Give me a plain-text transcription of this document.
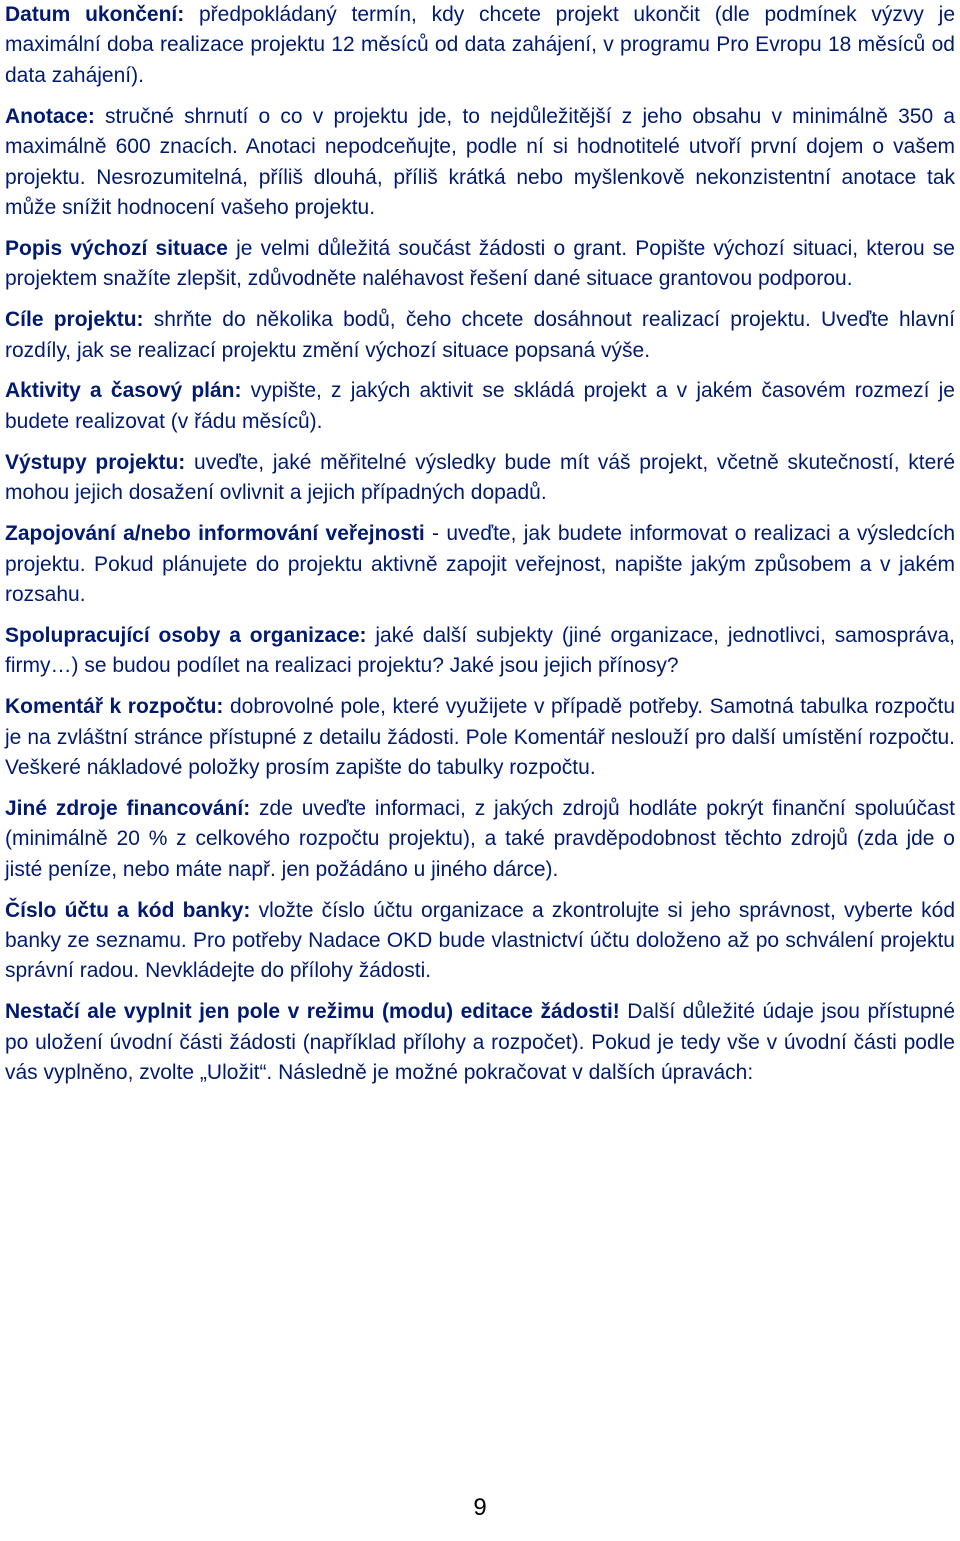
Datum ukončení: předpokládaný termín, kdy chcete projekt ukončit (dle podmínek výzvy je maximální doba realizace projektu 12 měsíců od data zahájení, v programu Pro Evropu 18 měsíců od data zahájení).

Anotace: stručné shrnutí o co v projektu jde, to nejdůležitější z jeho obsahu v minimálně 350 a maximálně 600 znacích. Anotaci nepodceňujte, podle ní si hodnotitelé utvoří první dojem o vašem projektu. Nesrozumitelná, příliš dlouhá, příliš krátká nebo myšlenkově nekonzistentní anotace tak může snížit hodnocení vašeho projektu.

Popis výchozí situace je velmi důležitá součást žádosti o grant. Popište výchozí situaci, kterou se projektem snažíte zlepšit, zdůvodněte naléhavost řešení dané situace grantovou podporou.

Cíle projektu: shrňte do několika bodů, čeho chcete dosáhnout realizací projektu. Uveďte hlavní rozdíly, jak se realizací projektu změní výchozí situace popsaná výše.

Aktivity a časový plán: vypište, z jakých aktivit se skládá projekt a v jakém časovém rozmezí je budete realizovat (v řádu měsíců).

Výstupy projektu: uveďte, jaké měřitelné výsledky bude mít váš projekt, včetně skutečností, které mohou jejich dosažení ovlivnit a jejich případných dopadů.

Zapojování a/nebo informování veřejnosti - uveďte, jak budete informovat o realizaci a výsledcích projektu. Pokud plánujete do projektu aktivně zapojit veřejnost, napište jakým způsobem a v jakém rozsahu.

Spolupracující osoby a organizace: jaké další subjekty (jiné organizace, jednotlivci, samospráva, firmy…) se budou podílet na realizaci projektu? Jaké jsou jejich přínosy?

Komentář k rozpočtu: dobrovolné pole, které využijete v případě potřeby. Samotná tabulka rozpočtu je na zvláštní stránce přístupné z detailu žádosti. Pole Komentář neslouží pro další umístění rozpočtu. Veškeré nákladové položky prosím zapište do tabulky rozpočtu.

Jiné zdroje financování: zde uveďte informaci, z jakých zdrojů hodláte pokrýt finanční spoluúčast (minimálně 20 % z celkového rozpočtu projektu), a také pravděpodobnost těchto zdrojů (zda jde o jisté peníze, nebo máte např. jen požádáno u jiného dárce).

Číslo účtu a kód banky: vložte číslo účtu organizace a zkontrolujte si jeho správnost, vyberte kód banky ze seznamu. Pro potřeby Nadace OKD bude vlastnictví účtu doloženo až po schválení projektu správní radou. Nevkládejte do přílohy žádosti.

Nestačí ale vyplnit jen pole v režimu (modu) editace žádosti! Další důležité údaje jsou přístupné po uložení úvodní části žádosti (například přílohy a rozpočet). Pokud je tedy vše v úvodní části podle vás vyplněno, zvolte „Uložit“. Následně je možné pokračovat v dalších úpravách:

9
